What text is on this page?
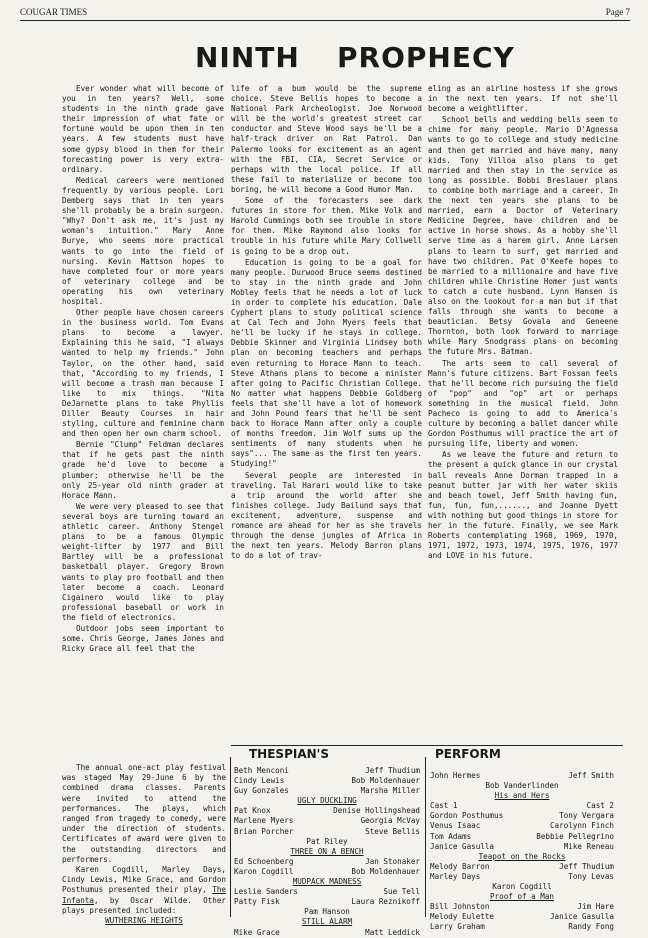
COUGAR TIMES	Page 7
NINTH PROPHECY

Ever wonder what will become of you in ten years? Well, some students in the ninth grade gave their impression of what fate or fortune would be upon them in ten years. A few students must have some gypsy blood in them for their forecasting power is very extra-ordinary.

Medical careers were mentioned frequently by various people. Lori Demberg says that in ten years she'll probably be a brain surgeon. "Why? Don't ask me, it's just my woman's intuition." Mary Anne Burye, who seems more practical wants to go into the field of nursing. Kevin Mattson hopes to have completed four or more years of veterinary college and be operating his own veterinary hospital.

Other people have chosen careers in the business world. Tom Evans plans to become a lawyer. Explaining this he said, "I always wanted to help my friends." John Taylor, on the other hand, said that, "According to my friends, I will become a trash man because I like to mix things. "Nita DeJarnette plans to take Phyllis Diller Beauty Courses in hair styling, culture and feminine charm and then open her own charm school.

Bernie "Clump" Feldman declares that if he gets past the ninth grade he'd love to become a plumber; otherwise he'll be the only 25-year old ninth grader at Horace Mann.

We were very pleased to see that several boys are turning toward an athletic career. Anthony Stengel plans to be a famous Olympic weight-lifter by 1977 and Bill Bartley will be a professional basketball player. Gregory Brown wants to play pro football and then later become a coach. Leonard Cigainero would like to play professional baseball or work in the field of electronics.

Outdoor jobs seem important to some. Chris George, James Jones and Ricky Grace all feel that the

life of a bum would be the supreme choice. Steve Bellis hopes to become a National Park Archeologist. Joe Norwood will be the world's greatest street car conductor and Steve Wood says he'll be a half-track driver on Rat Patrol. Dan Palermo looks for excitement as an agent with the FBI, CIA, Secret Service or perhaps with the local police. If all these fail to materialize or become too boring, he will become a Good Humor Man.

Some of the forecasters see dark futures in store for them. Mike Volk and Harold Cummings both see trouble in store for them. Mike Raymond also looks for trouble in his future while Mary Collwell is going to be a drop out.

Education is going to be a goal for many people. Durwood Bruce seems destined to stay in the ninth grade and John Mobley feels that he needs a lot of luck in order to complete his education. Dale Cyphert plans to study political science at Cal Tech and John Myers feels that he'll be lucky if he stays in college. Debbie Skinner and Virginia Lindsey both plan on becoming teachers and perhaps even returning to Horace Mann to teach. Steve Athans plans to become a minister after going to Pacific Christian College. No matter what happens Debbie Goldberg feels that she'll have a lot of homework and John Pound fears that he'll be sent back to Horace Mann after only a couple of months freedom. Jim Wolf sums up the sentiments of many students when he says"... The same as the first ten years. Studying!"

Several people are interested in traveling. Tal Harari would like to take a trip around the world after she finishes college. Judy Bailund says that excitement, adventure, suspense and romance are ahead for her as she travels through the dense jungles of Africa in the next ten years. Melody Barron plans to do a lot of trav-

eling as an airline hostess if she grows in the next ten years. If not she'll become a weightlifter.

School bells and wedding bells seem to chime for many people. Mario D'Agnessa wants to go to college and study medicine and then get married and have many, many kids. Tony Villoa also plans to get married and then stay in the service as long as possible. Bobbi Breslauer plans to combine both marriage and a career. In the next ten years she plans to be married, earn a Doctor of Veterinary Medicine Degree, have children and be active in horse shows. As a hobby she'll serve time as a harem girl. Anne Larsen plans to learn to surf, get married and have two children. Pat O'Keefe hopes to be married to a millionaire and have five children while Christine Homer just wants to catch a cute husband. Lynn Hansen is also on the lookout for a man but if that falls through she wants to become a beautician. Betsy Govala and Geneene Thornton, both look forward to marriage while Mary Snodgrass plans on becoming the future Mrs. Batman.

The arts seem to call several of Mann's future citizens. Bart Fossan feels that he'll become rich pursuing the field of "pop" and "op" art or perhaps something in the musical field. John Pacheco is going to add to America's culture by becoming a ballet dancer while Gordon Posthumus will practice the art of pursuing life, liberty and women.

As we leave the future and return to the present a quick glance in our crystal ball reveals Anne Dorman trapped in a peanut butter jar with her water skiis and beach towel, Jeff Smith having fun, fun, fun, fun,......, and Joanne Dyett with nothing but good things in store for her in the future. Finally, we see Mark Roberts contemplating 1968, 1969, 1970, 1971, 1972, 1973, 1974, 1975, 1976, 1977 and LOVE in his future.

THESPIAN'S	PERFORM

The annual one-act play festival was staged May 29-June 6 by the combined drama classes. Parents were invited to attend the performances. The plays, which ranged from tragedy to comedy, were under the direction of students. Certificates of award were given to the outstanding directors and performers.

Karen Cogdill, Marley Days, Cindy Lewis, Mike Grace, and Gordon Posthumus presented their play, The Infanta, by Oscar Wilde. Other plays presented included:

WUTHERING HEIGHTS
Beth Menconi	Jeff Thudium
Cindy Lewis	Bob Moldenhauer
Guy Gonzales	Marsha Miller
UGLY DUCKLING
Pat Knox	Denise Hollingshead
Marlene Myers	Georgia McVay
Brian Porcher	Steve Bellis
Pat Riley
THREE ON A BENCH
Ed Schoenberg	Jan Stonaker
Karon Cogdill	Bob Moldenhauer
MUDPACK MADNESS
Leslie Sanders	Sue Tell
Patty Fisk	Laura Reznikoff
Pam Hanson
STILL ALARM
Mike Grace	Matt Leddick
John Hermes	Jeff Smith
Bob Vanderlinden
His and Hers
Cast 1	Cast 2
Gordon Posthumus	Tony Vergara
Venus Isaac	Carolynn Finch
Tom Adams	Bebbie Pellegrino
Janice Gasulla	Mike Reneau
Teapot on the Rocks
Melody Barron	Jeff Thudium
Marley Days	Tony Levas
Karon Cogdill
Proof of a Man
Bill Johnston	Jim Hare
Melody Eulette	Janice Gasulla
Larry Graham	Randy Fong
